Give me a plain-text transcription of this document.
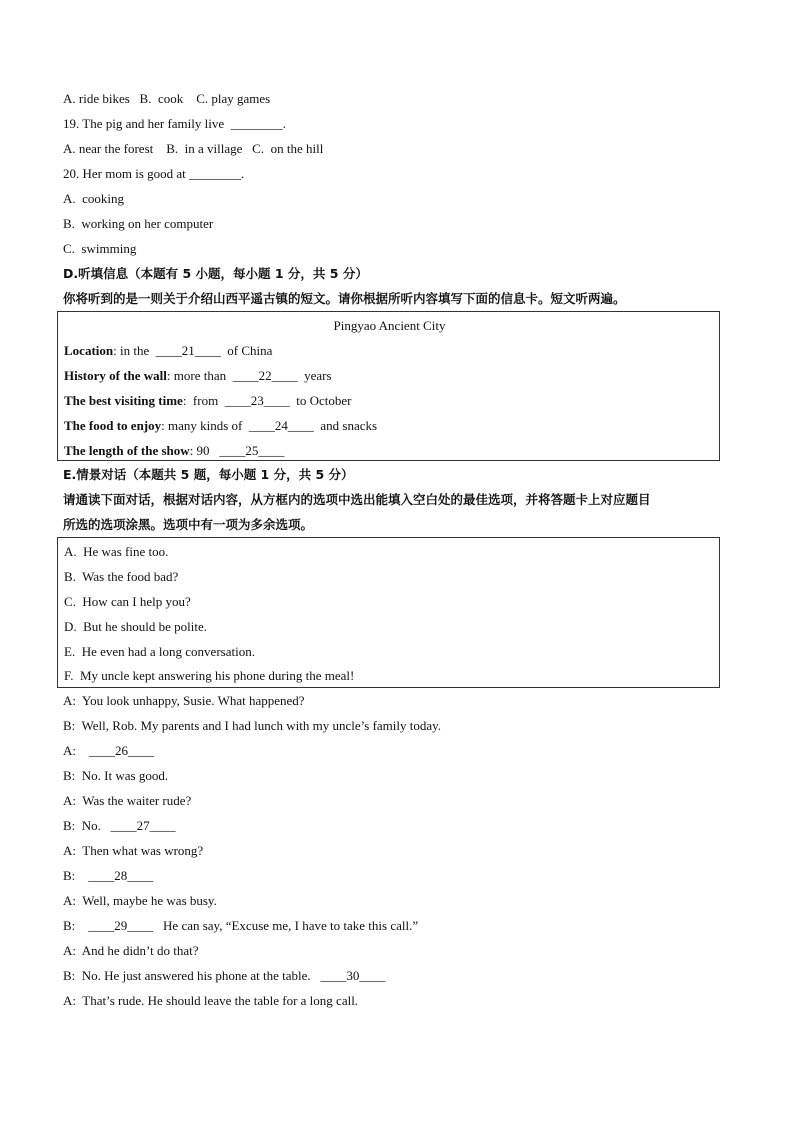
A. ride bikes   B.  cook    C. play games
19. The pig and her family live  ________.
A. near the forest    B.  in a village   C.  on the hill
20. Her mom is good at ________.
A.  cooking
B.  working on her computer
C.  swimming
D.听填信息（本题有 5 小题，每小题 1 分，共 5 分）
你将听到的是一则关于介绍山西平遥古镇的短文。请你根据所听内容填写下面的信息卡。短文听两遍。
Pingyao Ancient City
Location: in the  ____21____  of China
History of the wall: more than  ____22____  years
The best visiting time:  from  ____23____  to October
The food to enjoy: many kinds of  ____24____  and snacks
The length of the show: 90   ____25____
E.情景对话（本题共 5 题，每小题 1 分，共 5 分）
请通读下面对话，根据对话内容，从方框内的选项中选出能填入空白处的最佳选项，并将答题卡上对应题目
所选的选项涂黑。选项中有一项为多余选项。
A.  He was fine too.
B.  Was the food bad?
C.  How can I help you?
D.  But he should be polite.
E.  He even had a long conversation.
F.  My uncle kept answering his phone during the meal!
A:  You look unhappy, Susie. What happened?
B:  Well, Rob. My parents and I had lunch with my uncle’s family today.
A:    ____26____
B:  No. It was good.
A:  Was the waiter rude?
B:  No.   ____27____
A:  Then what was wrong?
B:    ____28____
A:  Well, maybe he was busy.
B:    ____29____   He can say, “Excuse me, I have to take this call.”
A:  And he didn’t do that?
B:  No. He just answered his phone at the table.   ____30____
A:  That’s rude. He should leave the table for a long call.
